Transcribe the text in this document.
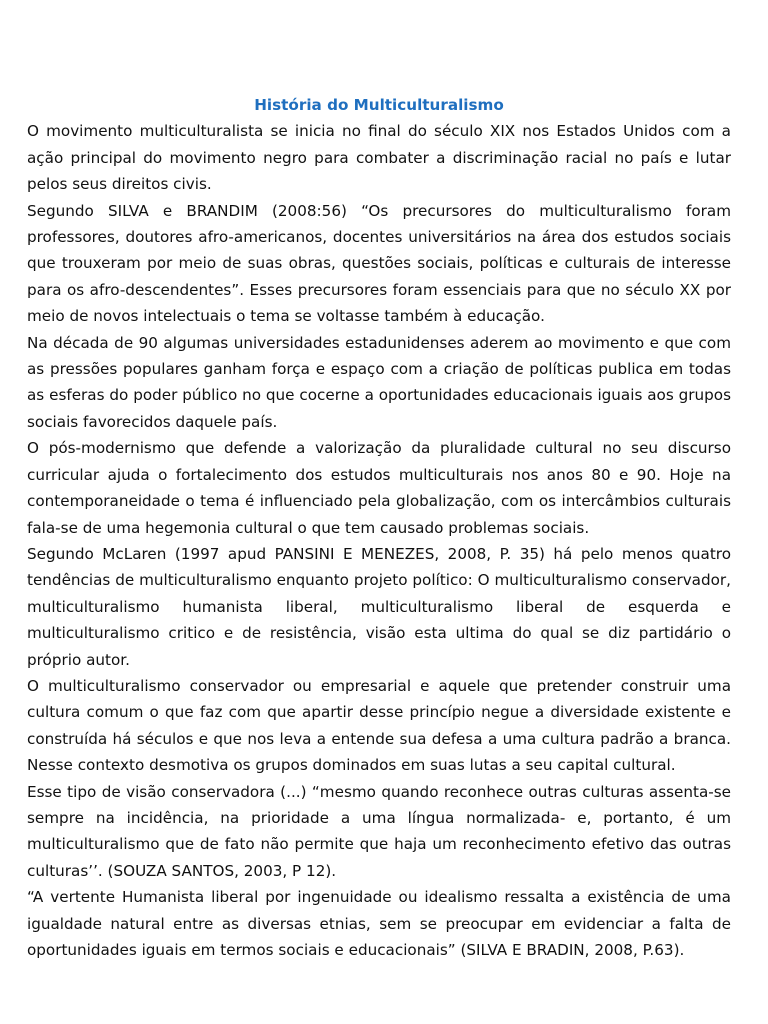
História do Multiculturalismo

O movimento multiculturalista se inicia no final do século XIX nos Estados Unidos com a ação principal do movimento negro para combater a discriminação racial no país e lutar pelos seus direitos civis.

Segundo SILVA e BRANDIM (2008:56) “Os precursores do multiculturalismo foram professores, doutores afro-americanos, docentes universitários na área dos estudos sociais que trouxeram por meio de suas obras, questões sociais, políticas e culturais de interesse para os afro-descendentes”. Esses precursores foram essenciais para que no século XX por meio de novos intelectuais o tema se voltasse também à educação.

Na década de 90 algumas universidades estadunidenses aderem ao movimento e que com as pressões populares ganham força e espaço com a criação de políticas publica em todas as esferas do poder público no que cocerne a oportunidades educacionais iguais aos grupos sociais favorecidos daquele país.

O pós-modernismo que defende a valorização da pluralidade cultural no seu discurso curricular ajuda o fortalecimento dos estudos multiculturais nos anos 80 e 90. Hoje na contemporaneidade o tema é influenciado pela globalização, com os intercâmbios culturais fala-se de uma hegemonia cultural o que tem causado problemas sociais.

Segundo McLaren (1997 apud PANSINI E MENEZES, 2008, P. 35) há pelo menos quatro tendências de multiculturalismo enquanto projeto político: O multiculturalismo conservador, multiculturalismo humanista liberal, multiculturalismo liberal de esquerda e multiculturalismo critico e de resistência, visão esta ultima do qual se diz partidário o próprio autor.

O multiculturalismo conservador ou empresarial e aquele que pretender construir uma cultura comum o que faz com que apartir desse princípio negue a diversidade existente e construída há séculos e que nos leva a entende sua defesa a uma cultura padrão a branca. Nesse contexto desmotiva os grupos dominados em suas lutas a seu capital cultural.

Esse tipo de visão conservadora (...) “mesmo quando reconhece outras culturas assenta-se sempre na incidência, na prioridade a uma língua normalizada- e, portanto, é um multiculturalismo que de fato não permite que haja um reconhecimento efetivo das outras culturas’’. (SOUZA SANTOS, 2003, P 12).

“A vertente Humanista liberal por ingenuidade ou idealismo ressalta a existência de uma igualdade natural entre as diversas etnias, sem se preocupar em evidenciar a falta de oportunidades iguais em termos sociais e educacionais” (SILVA E BRADIN, 2008, P.63).
